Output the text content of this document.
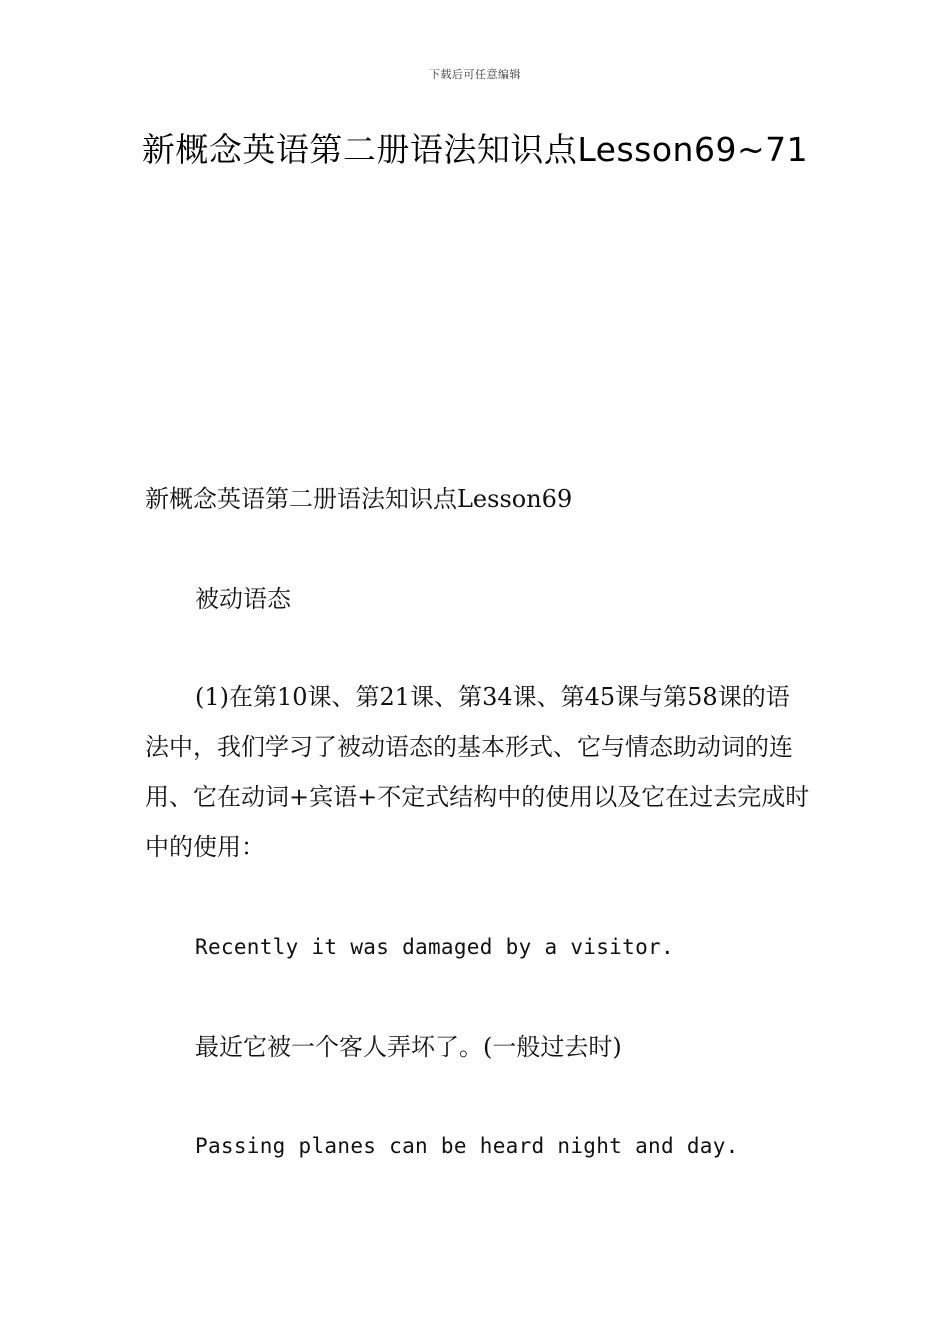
下载后可任意编辑
新概念英语第二册语法知识点Lesson69~71

新概念英语第二册语法知识点Lesson69

被动语态

(1)在第10课、第21课、第34课、第45课与第58课的语法中，我们学习了被动语态的基本形式、它与情态助动词的连用、它在动词+宾语+不定式结构中的使用以及它在过去完成时中的使用：

Recently it was damaged by a visitor.

最近它被一个客人弄坏了。(一般过去时)

Passing planes can be heard night and day.
